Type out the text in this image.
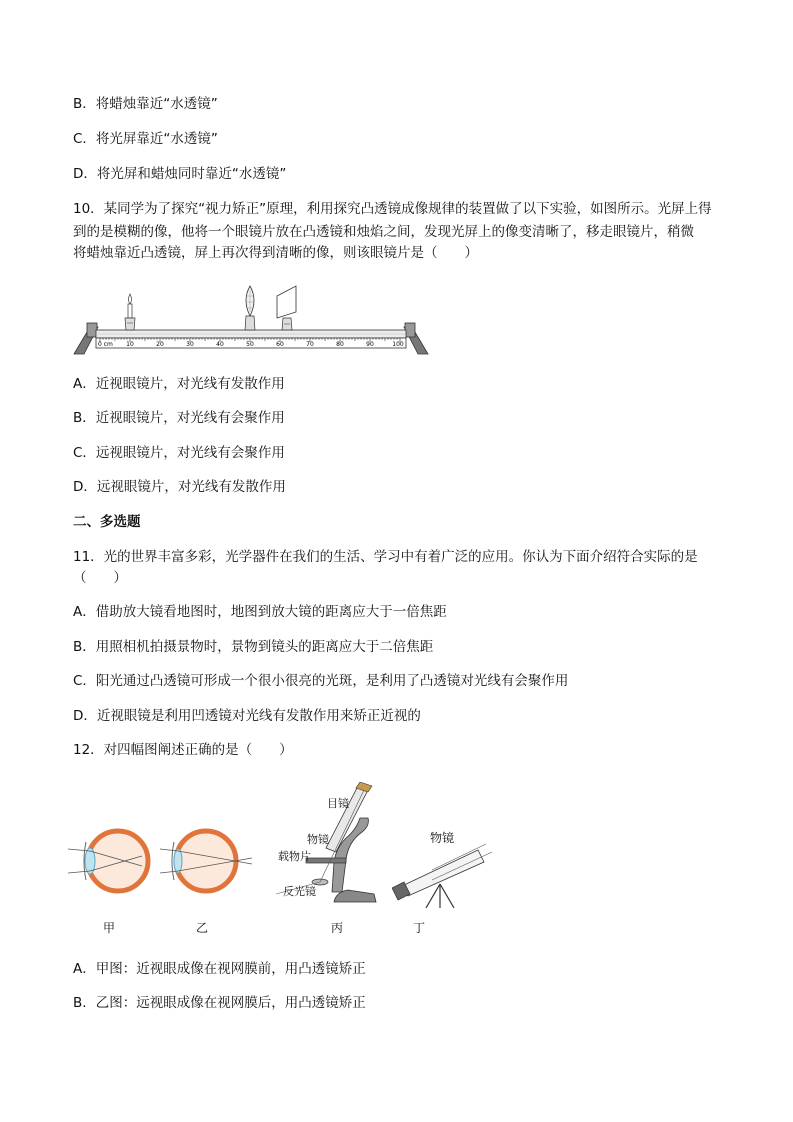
B．将蜡烛靠近“水透镜”
C．将光屏靠近“水透镜”
D．将光屏和蜡烛同时靠近“水透镜”
10．某同学为了探究“视力矫正”原理，利用探究凸透镜成像规律的装置做了以下实验，如图所示。光屏上得
到的是模糊的像，他将一个眼镜片放在凸透镜和烛焰之间，发现光屏上的像变清晰了，移走眼镜片，稍微
将蜡烛靠近凸透镜，屏上再次得到清晰的像，则该眼镜片是（　　）
0 cm 10	20	30	40	50	60	70	80	90	100
A．近视眼镜片，对光线有发散作用
B．近视眼镜片，对光线有会聚作用
C．远视眼镜片，对光线有会聚作用
D．远视眼镜片，对光线有发散作用
二、多选题
11．光的世界丰富多彩，光学器件在我们的生活、学习中有着广泛的应用。你认为下面介绍符合实际的是
（　　）
A．借助放大镜看地图时，地图到放大镜的距离应大于一倍焦距
B．用照相机拍摄景物时，景物到镜头的距离应大于二倍焦距
C．阳光通过凸透镜可形成一个很小很亮的光斑，是利用了凸透镜对光线有会聚作用
D．近视眼镜是利用凹透镜对光线有发散作用来矫正近视的
12．对四幅图阐述正确的是（　　）
目镜
物镜
载物片
反光镜
物镜
甲	乙	丙	丁
A．甲图：近视眼成像在视网膜前，用凸透镜矫正
B．乙图：远视眼成像在视网膜后，用凸透镜矫正
